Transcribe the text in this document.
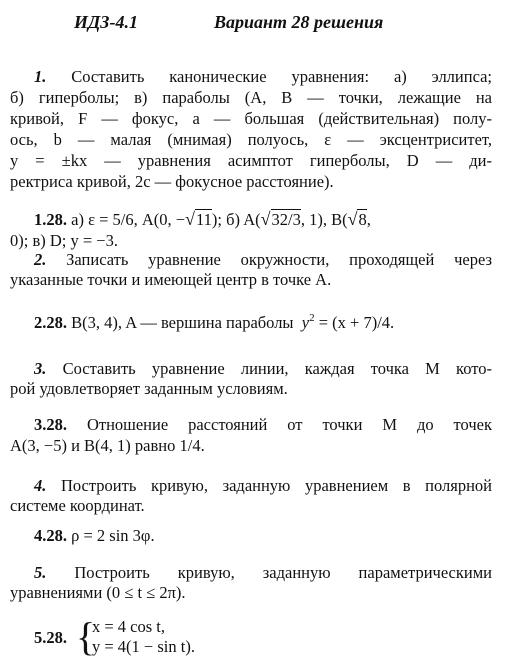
ИДЗ-4.1	Вариант 28 решения
1. Составить канонические уравнения: а) эллипса;
б) гиперболы; в) параболы (A, B — точки, лежащие на
кривой, F — фокус, a — большая (действительная) полу-
ось, b — малая (мнимая) полуось, ε — эксцентриситет,
y = ±kx — уравнения асимптот гиперболы, D — ди-
ректриса кривой, 2c — фокусное расстояние).
1.28. а) ε = 5/6, A(0, −√11); б) A(√32/3, 1), B(√8,
0); в) D; y = −3.
2. Записать уравнение окружности, проходящей через
указанные точки и имеющей центр в точке A.
2.28. B(3, 4), A — вершина параболы $y^2 = (x + 7)/4$.
3. Составить уравнение линии, каждая точка M кото-
рой удовлетворяет заданным условиям.
3.28. Отношение расстояний от точки M до точек
A(3, −5) и B(4, 1) равно 1/4.
4. Построить кривую, заданную уравнением в полярной
системе координат.
4.28. ρ = 2 sin 3φ.
5. Построить кривую, заданную параметрическими
уравнениями (0 ≤ t ≤ 2π).
5.28. {
x = 4 cos t,
y = 4(1 − sin t).
